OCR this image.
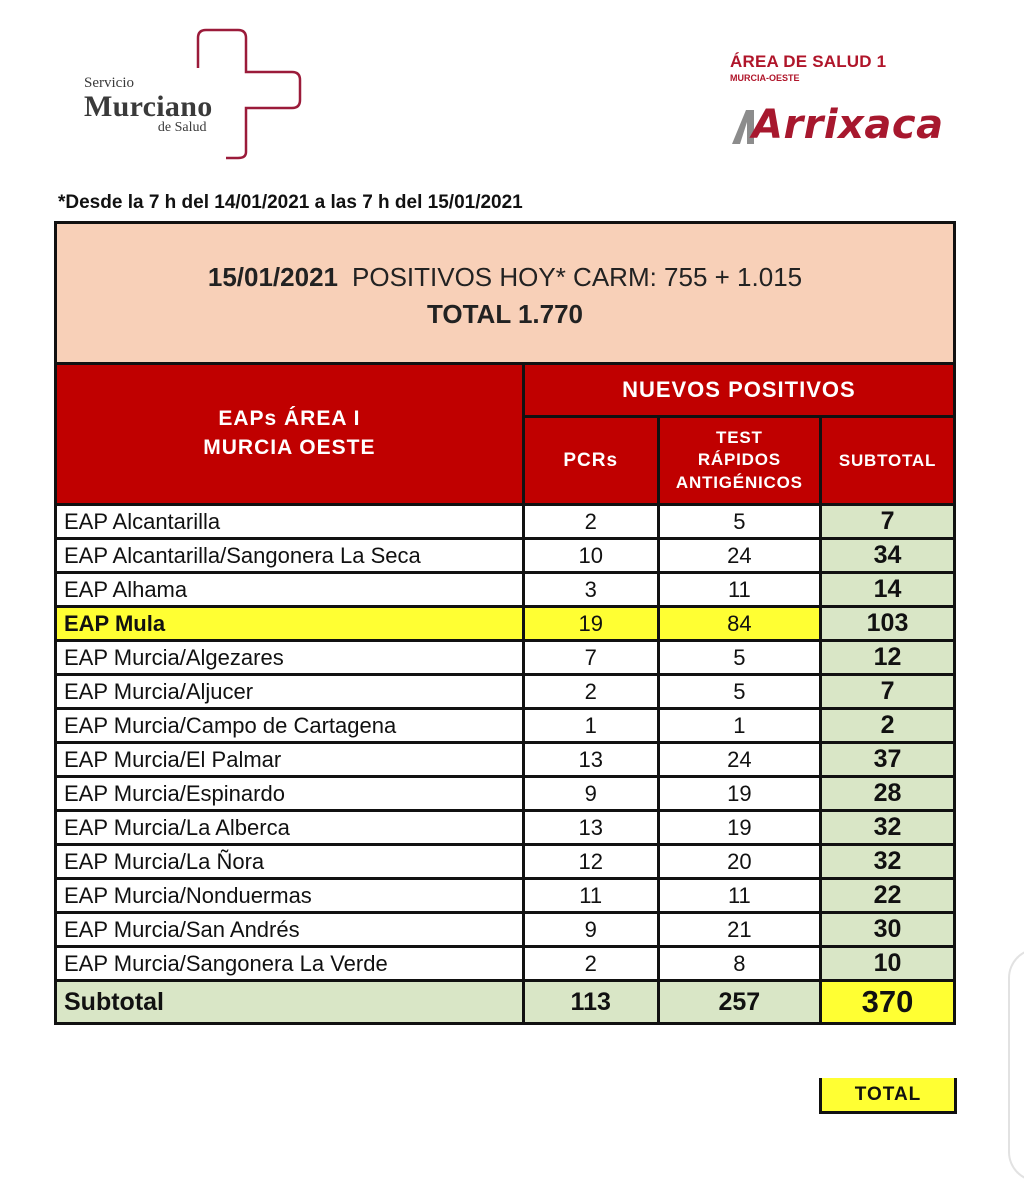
Servicio
Murciano
de Salud
ÁREA DE SALUD 1
MURCIA-OESTE
Arrixaca
*Desde la 7 h del 14/01/2021 a las 7 h del 15/01/2021
15/01/2021 POSITIVOS HOY* CARM: 755 + 1.015
TOTAL 1.770
EAPs ÁREA I
MURCIA OESTE	NUEVOS POSITIVOS		
	PCRs	TEST
RÁPIDOS
ANTIGÉNICOS	SUBTOTAL
EAP Alcantarilla	2	5	7
EAP Alcantarilla/Sangonera La Seca	10	24	34
EAP Alhama	3	11	14
EAP Mula	19	84	103
EAP Murcia/Algezares	7	5	12
EAP Murcia/Aljucer	2	5	7
EAP Murcia/Campo de Cartagena	1	1	2
EAP Murcia/El Palmar	13	24	37
EAP Murcia/Espinardo	9	19	28
EAP Murcia/La Alberca	13	19	32
EAP Murcia/La Ñora	12	20	32
EAP Murcia/Nonduermas	11	11	22
EAP Murcia/San Andrés	9	21	30
EAP Murcia/Sangonera La Verde	2	8	10
Subtotal	113	257	370
TOTAL
